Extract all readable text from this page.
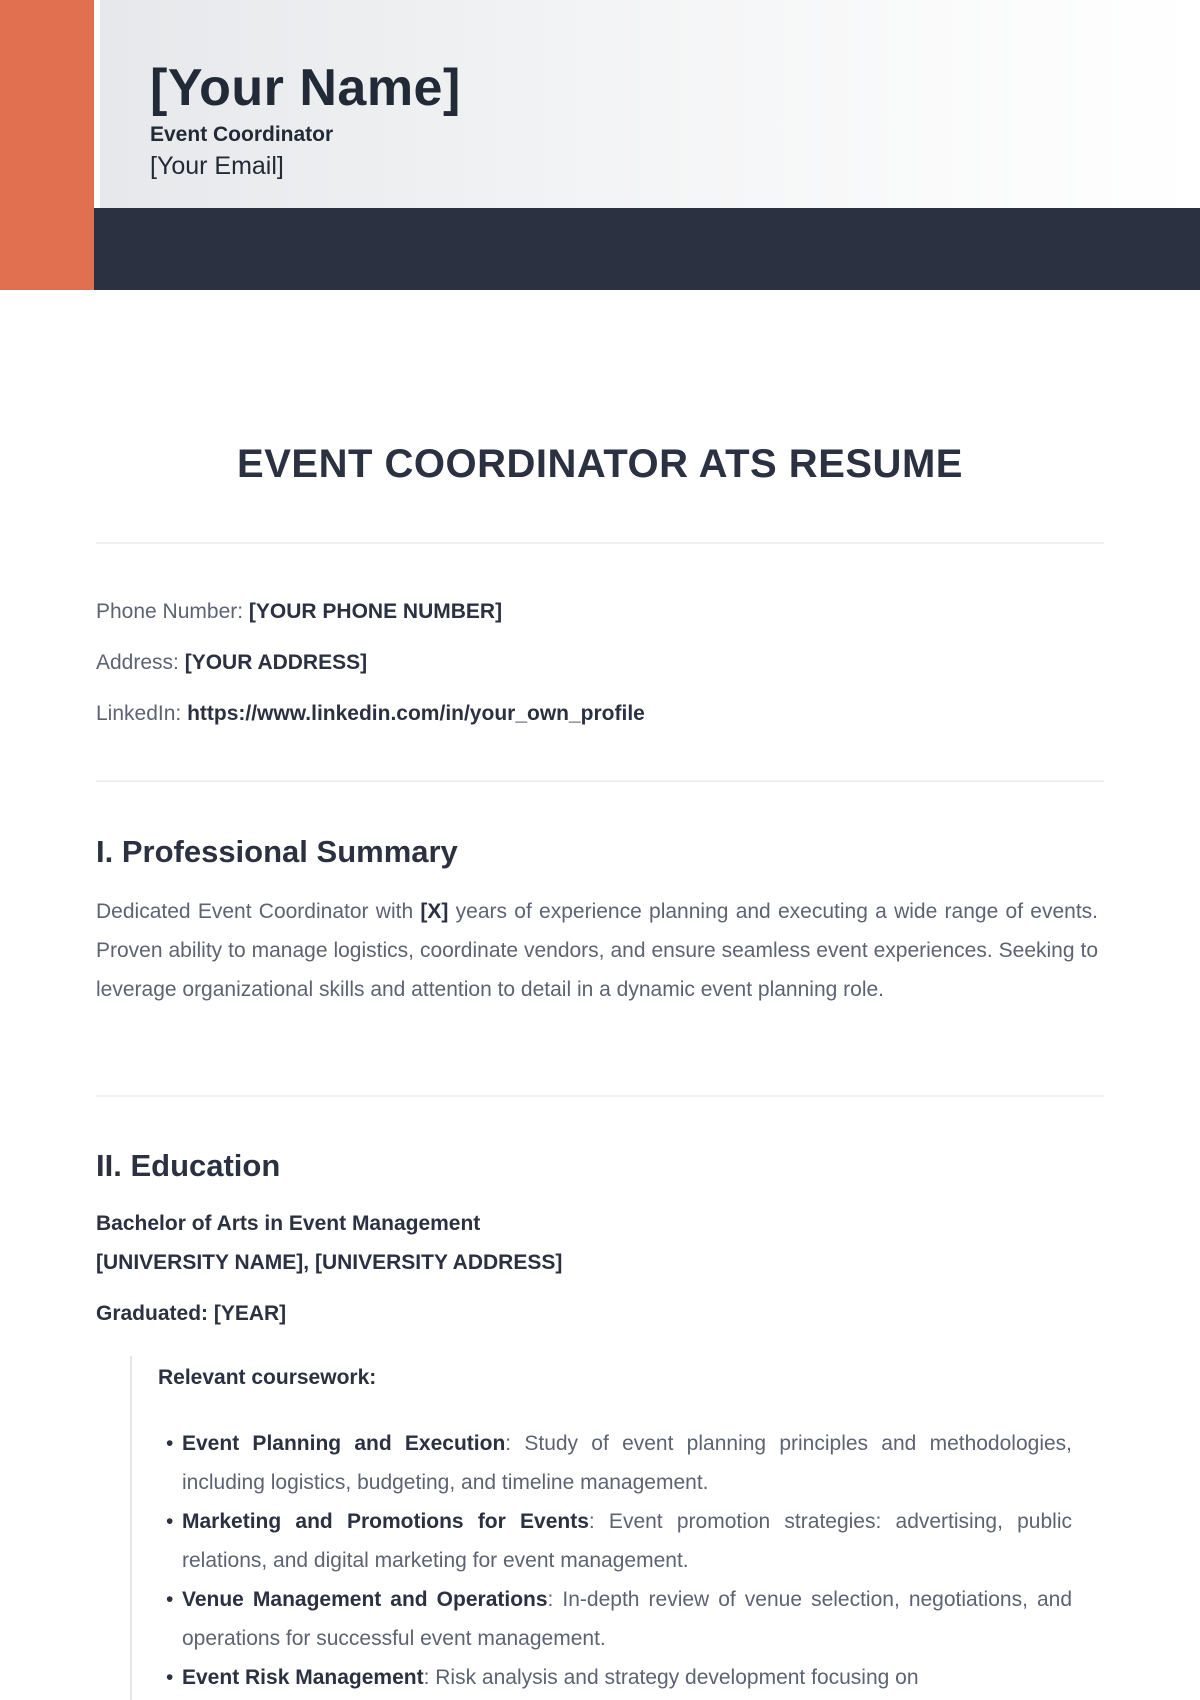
[Your Name]
Event Coordinator
[Your Email]
EVENT COORDINATOR ATS RESUME
Phone Number: [YOUR PHONE NUMBER]
Address: [YOUR ADDRESS]
LinkedIn: https://www.linkedin.com/in/your_own_profile
I. Professional Summary

Dedicated Event Coordinator with [X] years of experience planning and executing a wide range of events. Proven ability to manage logistics, coordinate vendors, and ensure seamless event experiences. Seeking to leverage organizational skills and attention to detail in a dynamic event planning role.

II. Education
Bachelor of Arts in Event Management
[UNIVERSITY NAME], [UNIVERSITY ADDRESS]
Graduated: [YEAR]
Relevant coursework:
• Event Planning and Execution: Study of event planning principles and methodologies, including logistics, budgeting, and timeline management.
• Marketing and Promotions for Events: Event promotion strategies: advertising, public relations, and digital marketing for event management.
• Venue Management and Operations: In-depth review of venue selection, negotiations, and operations for successful event management.
• Event Risk Management: Risk analysis and strategy development focusing on
